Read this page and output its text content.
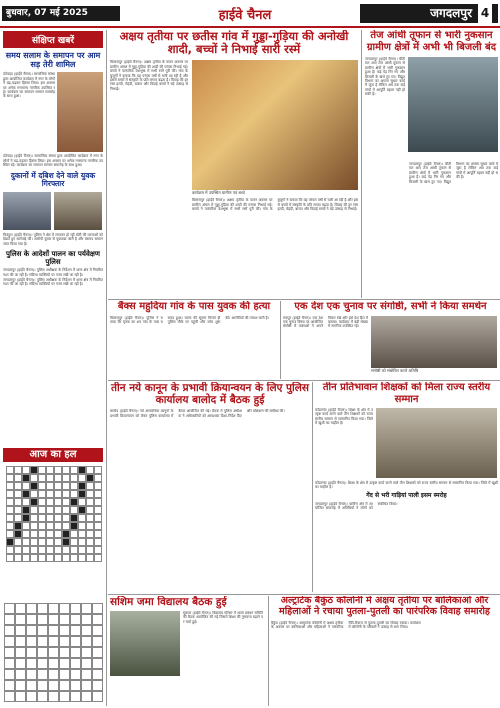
बुधवार, 07 मई 2025	हाईवे चैनल	जगदलपुर 4
संक्षिप्त खबरें
समय सलाम के समापन पर आम सड़ तेरी शामिल
दंतेवाड़ा (हाईवे चैनल)। सामाजिक संस्था द्वारा आयोजित कार्यक्रम में नगर के लोगों ने बढ़-चढ़कर हिस्सा लिया। इस अवसर पर अनेक गणमान्य नागरिक उपस्थित रहे। कार्यक्रम का समापन सम्मान समारोह के साथ हुआ।
दंतेवाड़ा (हाईवे चैनल)। सामाजिक संस्था द्वारा आयोजित कार्यक्रम में नगर के लोगों ने बढ़-चढ़कर हिस्सा लिया। इस अवसर पर अनेक गणमान्य नागरिक उपस्थित रहे। कार्यक्रम का समापन सम्मान समारोह के साथ हुआ।
दुकानों में दबिश देने वाले युवक गिरफ्तार
किरंदुल (हाईवे चैनल)। पुलिस ने क्षेत्र में लगातार हो रही चोरी की घटनाओं को देखते हुए कार्रवाई की। आरोपी युवक से पूछताछ जारी है और बरामद सामान जब्त किया गया है।
पुलिस के आदेशों पालन का पर्यवेक्षण पुलिस
जगदलपुर (हाईवे चैनल)। पुलिस अधीक्षक के निर्देशन में थाना क्षेत्र में नियमित गश्त की जा रही है। संदिग्ध व्यक्तियों पर नजर रखी जा रही है।
जगदलपुर (हाईवे चैनल)। पुलिस अधीक्षक के निर्देशन में थाना क्षेत्र में नियमित गश्त की जा रही है। संदिग्ध व्यक्तियों पर नजर रखी जा रही है।
आज का हल
अक्षय तृतीया पर छतीस गांव में गुड्डा-गुड़िया की अनोखी शादी, बच्चों ने निभाई सारी रस्में
बिलासपुर (हाईवे चैनल)। अक्षय तृतीया के पावन अवसर पर ग्रामीण अंचल में गुड्डा-गुड़िया की शादी की परंपरा निभाई गई। बच्चों ने पारंपरिक वेशभूषा में सभी रस्में पूरी कीं। गांव के बुजुर्गों ने बताया कि यह परंपरा वर्षों से चली आ रही है और इससे बच्चों में संस्कृति के प्रति लगाव बढ़ता है। विवाह की हर रस्म हल्दी, मेहंदी, बारात और विदाई बच्चों ने बड़े उत्साह से निभाई।
कार्यक्रम में उपस्थित ग्रामीण एवं बच्चे
बिलासपुर (हाईवे चैनल)। अक्षय तृतीया के पावन अवसर पर ग्रामीण अंचल में गुड्डा-गुड़िया की शादी की परंपरा निभाई गई। बच्चों ने पारंपरिक वेशभूषा में सभी रस्में पूरी कीं। गांव के बुजुर्गों ने बताया कि यह परंपरा वर्षों से चली आ रही है और इससे बच्चों में संस्कृति के प्रति लगाव बढ़ता है। विवाह की हर रस्म हल्दी, मेहंदी, बारात और विदाई बच्चों ने बड़े उत्साह से निभाई।
तेज आंधी तूफान से भारी नुकसान ग्रामीण क्षेत्रों में अभी भी बिजली बंद
जगदलपुर (हाईवे चैनल)। बीती रात आए तेज आंधी तूफान से ग्रामीण क्षेत्रों में भारी नुकसान हुआ है। कई पेड़ गिर गए और बिजली के खंभे टूट गए। विद्युत विभाग का अमला सुधार कार्य में जुटा है लेकिन अब तक कई गांवों में आपूर्ति बहाल नहीं हो सकी है।
जगदलपुर (हाईवे चैनल)। बीती रात आए तेज आंधी तूफान से ग्रामीण क्षेत्रों में भारी नुकसान हुआ है। कई पेड़ गिर गए और बिजली के खंभे टूट गए। विद्युत विभाग का अमला सुधार कार्य में जुटा है लेकिन अब तक कई गांवों में आपूर्ति बहाल नहीं हो सकी है।
बैंक्स महुदिया गांव के पास युवक की हत्या
बिलासपुर (हाईवे चैनल)। पुलिस ने बताया कि मृतक का शव गांव के पास बरामद हुआ। घटना की सूचना मिलते ही पुलिस मौके पर पहुंची और जांच शुरू की। आरोपियों की तलाश जारी है।
एक देश एक चुनाव पर संगोष्ठी, सभी ने किया समर्थन
रायपुर (हाईवे चैनल)। एक देश एक चुनाव विषय पर आयोजित संगोष्ठी में वक्ताओं ने अपने विचार रखे और इसे देश हित में बताया। कार्यक्रम में बड़ी संख्या में नागरिक उपस्थित रहे।
संगोष्ठी को संबोधित करते अतिथि
तीन नये कानून के प्रभावी क्रियान्वयन के लिए पुलिस कार्यालय बालोद में बैठक हुई
बालोद (हाईवे चैनल)। नये आपराधिक कानूनों के प्रभावी क्रियान्वयन को लेकर पुलिस कार्यालय में बैठक आयोजित की गई। बैठक में पुलिस अधीक्षक ने अधिकारियों को आवश्यक दिशा-निर्देश दिए और प्रशिक्षण की समीक्षा की।
तीन प्रतिभावान शिक्षकों को मिला राज्य स्तरीय सम्मान
कोंडागांव (हाईवे चैनल)। शिक्षा के क्षेत्र में उत्कृष्ट कार्य करने वाले तीन शिक्षकों को राज्य स्तरीय सम्मान से सम्मानित किया गया। जिले में खुशी का माहौल है।
कोंडागांव (हाईवे चैनल)। शिक्षा के क्षेत्र में उत्कृष्ट कार्य करने वाले तीन शिक्षकों को राज्य स्तरीय सम्मान से सम्मानित किया गया। जिले में खुशी का माहौल है।
गेंद से भरी गाड़ियां पाली इसम स्मरोह
जगदलपुर (हाईवे चैनल)। ग्रामीण क्षेत्र में आयोजित समारोह में अतिथियों ने लोगों को संबोधित किया।
सशिम जमा विद्यालय बैठक हुई
सुकमा (हाईवे चैनल)। विद्यालय परिसर में शाला प्रबंधन समिति की बैठक आयोजित की गई जिसमें शिक्षा की गुणवत्ता बढ़ाने पर चर्चा हुई।
अल्ट्राटेक बैकुंठ कॉलोनी में अक्षय तृतीया पर बालिकाओं और महिलाओं ने रचाया पुतला-पुतली का पारंपरिक विवाह समारोह
बैकुंठ (हाईवे चैनल)। अल्ट्राटेक कॉलोनी में अक्षय तृतीया के अवसर पर बालिकाओं और महिलाओं ने पारंपरिक रीति-रिवाज से पुतला-पुतली का विवाह रचाया। कार्यक्रम में कॉलोनी के परिवारों ने उत्साह से भाग लिया।
